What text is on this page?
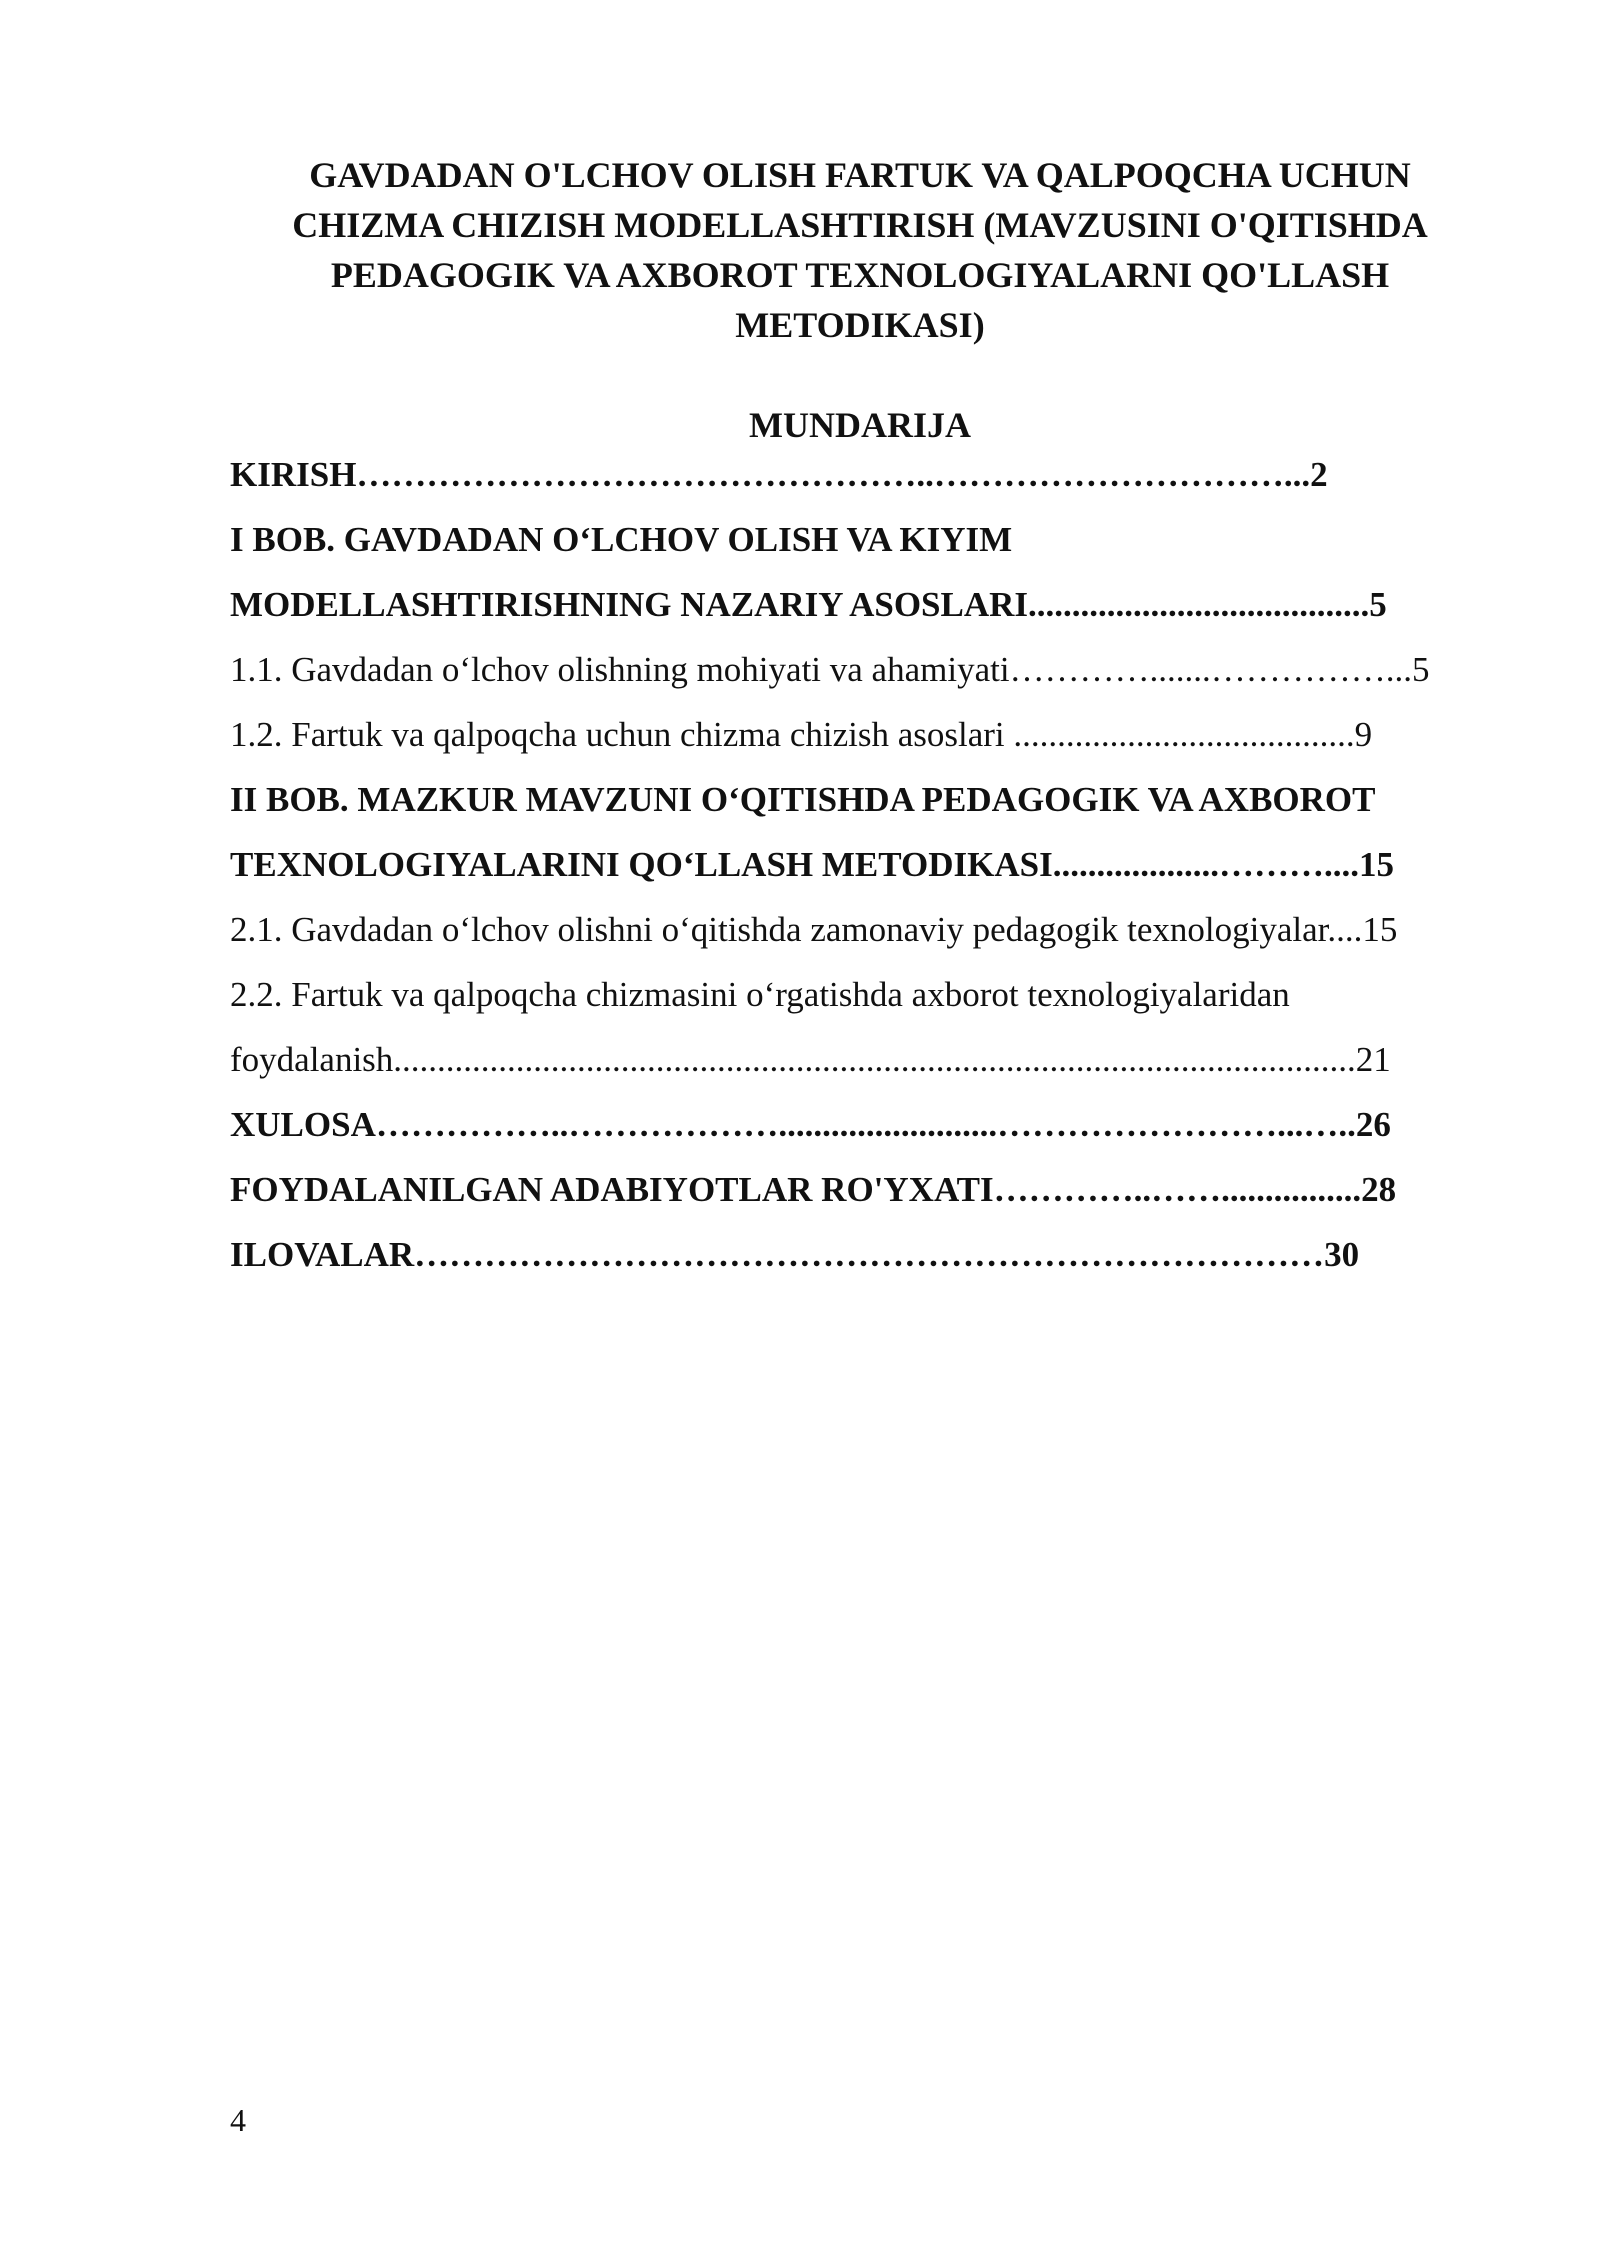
GAVDADAN O'LCHOV OLISH FARTUK VA QALPOQCHA UCHUN
CHIZMA CHIZISH MODELLASHTIRISH (MAVZUSINI O'QITISHDA
PEDAGOGIK VA AXBOROT TEXNOLOGIYALARNI QO'LLASH
METODIKASI)
MUNDARIJA
KIRISH…………………………………………..…………………………...2
I BOB. GAVDADAN O‘LCHOV OLISH VA KIYIM
MODELLASHTIRISHNING NAZARIY ASOSLARI.......................................5
1.1. Gavdadan o‘lchov olishning mohiyati va ahamiyati………….......……………...5
1.2. Fartuk va qalpoqcha uchun chizma chizish asoslari .......................................9
II BOB. MAZKUR MAVZUNI O‘QITISHDA PEDAGOGIK VA AXBOROT
TEXNOLOGIYALARINI QO‘LLASH METODIKASI...................………....15
2.1. Gavdadan o‘lchov olishni o‘qitishda zamonaviy pedagogik texnologiyalar....15
2.2. Fartuk va qalpoqcha chizmasini o‘rgatishda axborot texnologiyalaridan
foydalanish..............................................................................................................21
XULOSA……………..……………….........................……………………...…..26
FOYDALANILGAN ADABIYOTLAR RO'YXATI…………..……................28
ILOVALAR……………………………………………………………………30
4
